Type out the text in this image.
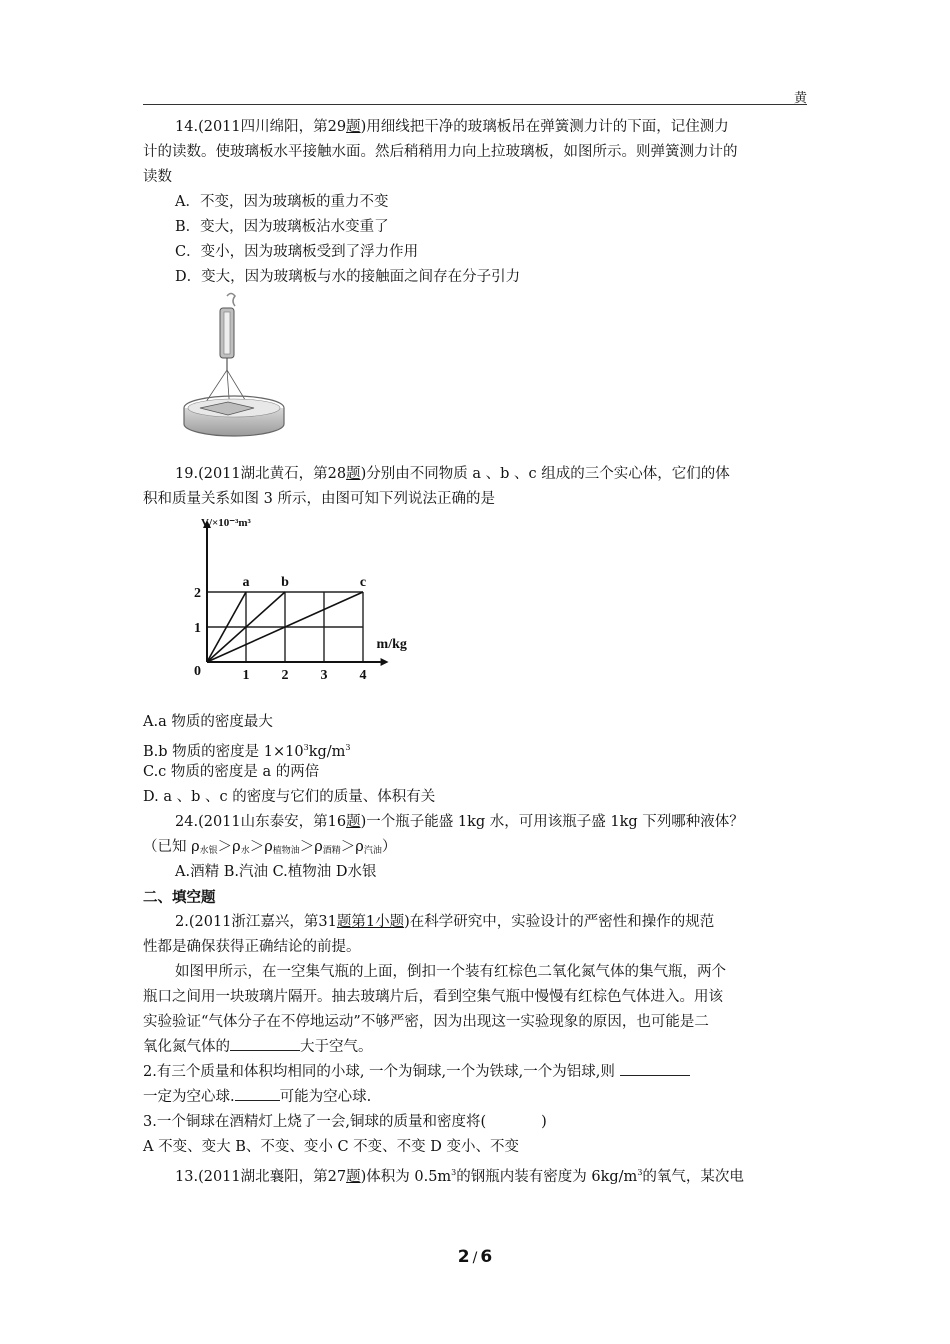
黄
14.(2011四川绵阳，第29题)用细线把干净的玻璃板吊在弹簧测力计的下面，记住测力
计的读数。使玻璃板水平接触水面。然后稍稍用力向上拉玻璃板，如图所示。则弹簧测力计的
读数
A．不变，因为玻璃板的重力不变
B．变大，因为玻璃板沾水变重了
C．变小，因为玻璃板受到了浮力作用
D．变大，因为玻璃板与水的接触面之间存在分子引力
19.(2011湖北黄石，第28题)分别由不同物质 a 、b 、c 组成的三个实心体，它们的体
积和质量关系如图 3 所示，由图可知下列说法正确的是
a b	c
1 2 3 4
0
1
2
m/kg
V/×10⁻³m³
A.a 物质的密度最大
B.b 物质的密度是 $1\times 10^3kg/m^3$
C.c 物质的密度是 a 的两倍
D. a 、b 、c 的密度与它们的质量、体积有关
24.(2011山东泰安，第16题)一个瓶子能盛 1kg 水，可用该瓶子盛 1kg 下列哪种液体？
（已知 $\rho_{水银}>\rho_水>\rho_{植物油}>\rho_{酒精}>\rho_{汽油}$）
A.酒精 B.汽油 C.植物油 D水银
二、填空题
2.(2011浙江嘉兴，第31题第1小题)在科学研究中，实验设计的严密性和操作的规范
性都是确保获得正确结论的前提。
如图甲所示，在一空集气瓶的上面，倒扣一个装有红棕色二氧化氮气体的集气瓶，两个
瓶口之间用一块玻璃片隔开。抽去玻璃片后，看到空集气瓶中慢慢有红棕色气体进入。用该
实验验证“气体分子在不停地运动”不够严密，因为出现这一实验现象的原因，也可能是二
氧化氮气体的	大于空气。
2.有三个质量和体积均相同的小球, 一个为铜球,一个为铁球,一个为铝球,则
一定为空心球.	可能为空心球.
3.一个铜球在酒精灯上烧了一会,铜球的质量和密度将(	)
A 不变、变大 B、不变、变小 C 不变、不变 D 变小、不变
13.(2011湖北襄阳，第27题)体积为 $0.5m^3$的钢瓶内装有密度为 $6kg/m^3$的氧气，某次电
2 / 6
